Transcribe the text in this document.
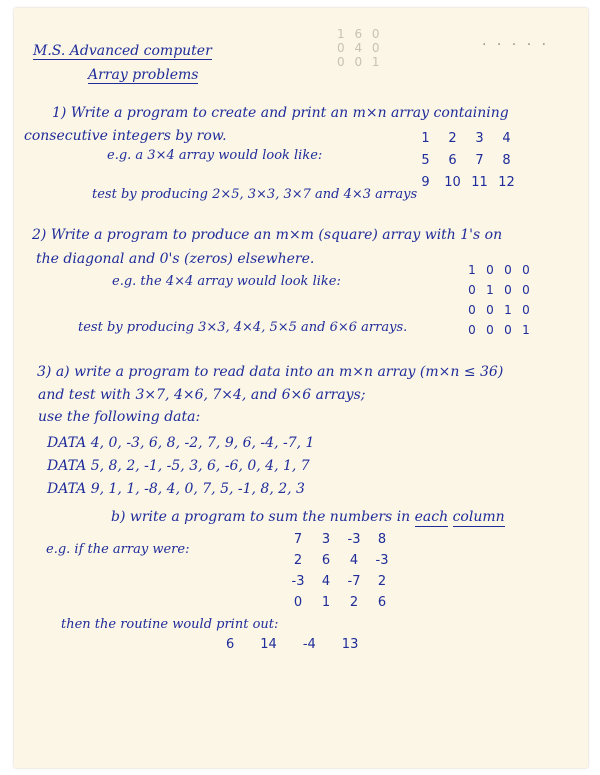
1 6 0
0 4 0
0 0 1
· · · · ·
M.S. Advanced computer
Array problems
1) Write a program to create and print an m×n array containing
consecutive integers by row.
e.g. a 3×4 array would look like:
1	2	3	4
5	6	7	8
9	10 11 12
test by producing 2×5, 3×3, 3×7 and 4×3 arrays
2) Write a program to produce an m×m (square) array with 1's on
the diagonal and 0's (zeros) elsewhere.
e.g. the 4×4 array would look like:
1 0 0 0
0 1 0 0
0 0 1 0
0 0 0 1
test by producing 3×3, 4×4, 5×5 and 6×6 arrays.
3) a) write a program to read data into an m×n array (m×n ≤ 36)
and test with 3×7, 4×6, 7×4, and 6×6 arrays;
use the following data:
DATA 4, 0, -3, 6, 8, -2, 7, 9, 6, -4, -7, 1
DATA 5, 8, 2, -1, -5, 3, 6, -6, 0, 4, 1, 7
DATA 9, 1, 1, -8, 4, 0, 7, 5, -1, 8, 2, 3
b) write a program to sum the numbers in each column
e.g. if the array were:
7	3	-3	8
2	6	4	-3
-3	4	-7	2
0	1	2	6
then the routine would print out:
6 14 -4 13
